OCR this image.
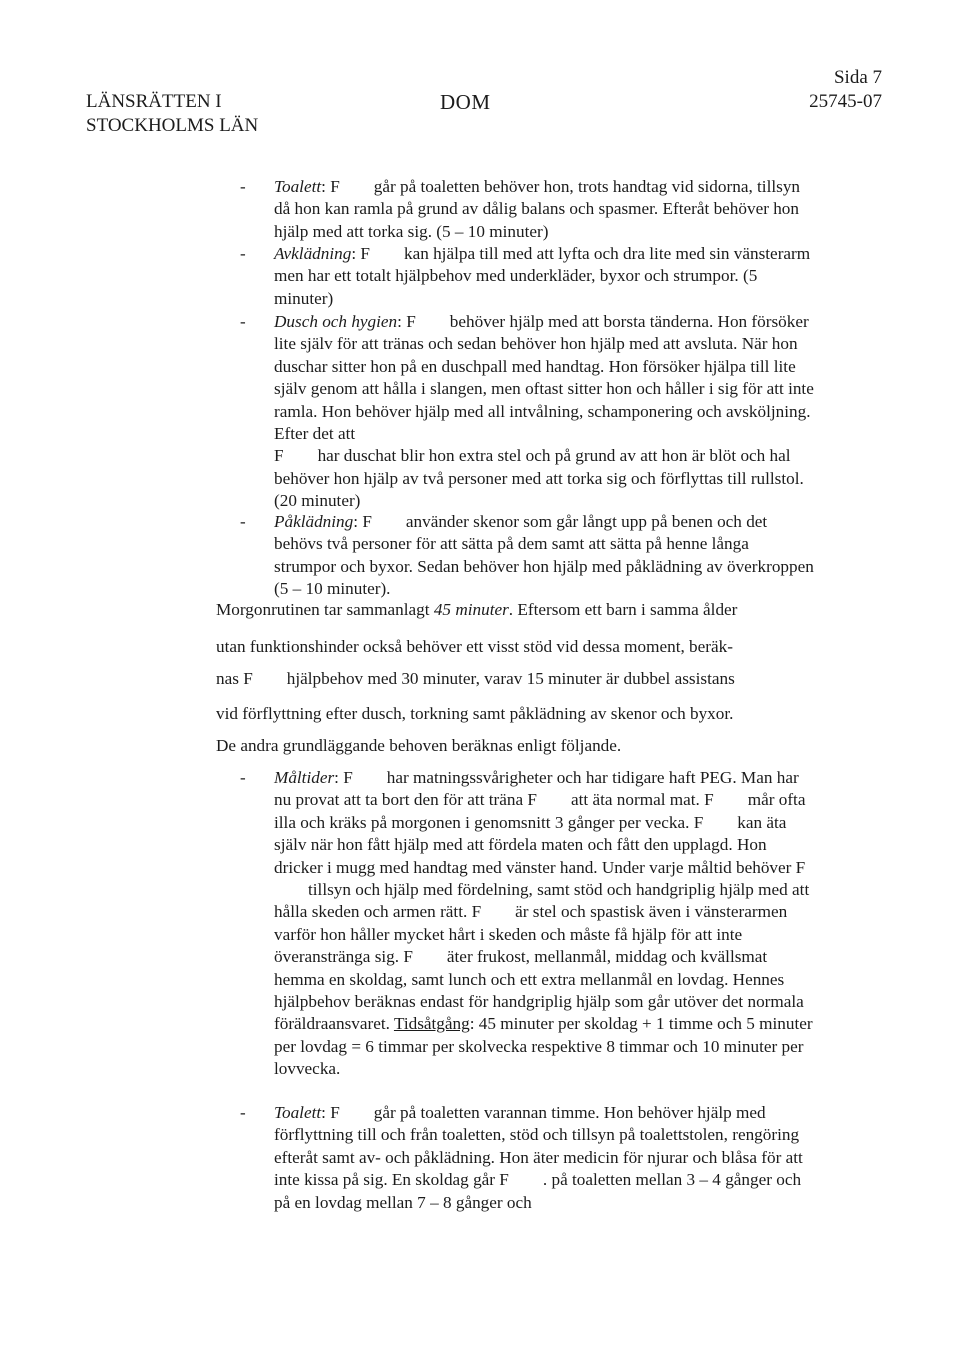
LÄNSRÄTTEN I
STOCKHOLMS LÄN
DOM
Sida 7
25745-07
- Toalett: F går på toaletten behöver hon, trots handtag vid sidorna, tillsyn då hon kan ramla på grund av dålig balans och spasmer. Efteråt behöver hon hjälp med att torka sig. (5 – 10 minuter)
- Avklädning: F kan hjälpa till med att lyfta och dra lite med sin vänsterarm men har ett totalt hjälpbehov med underkläder, byxor och strumpor. (5 minuter)
- Dusch och hygien: F behöver hjälp med att borsta tänderna. Hon försöker lite själv för att tränas och sedan behöver hon hjälp med att avsluta. När hon duschar sitter hon på en duschpall med handtag. Hon försöker hjälpa till lite själv genom att hålla i slangen, men oftast sitter hon och håller i sig för att inte ramla. Hon behöver hjälp med all intvålning, schamponering och avsköljning. Efter det att
F har duschat blir hon extra stel och på grund av att hon är blöt och hal behöver hon hjälp av två personer med att torka sig och förflyttas till rullstol. (20 minuter)
- Påklädning: F använder skenor som går långt upp på benen och det behövs två personer för att sätta på dem samt att sätta på henne långa strumpor och byxor. Sedan behöver hon hjälp med påklädning av överkroppen (5 – 10 minuter).
Morgonrutinen tar sammanlagt 45 minuter. Eftersom ett barn i samma ålder
utan funktionshinder också behöver ett visst stöd vid dessa moment, beräk-
nas F hjälpbehov med 30 minuter, varav 15 minuter är dubbel assistans
vid förflyttning efter dusch, torkning samt påklädning av skenor och byxor.
De andra grundläggande behoven beräknas enligt följande.
- Måltider: F har matningssvårigheter och har tidigare haft PEG. Man har nu provat att ta bort den för att träna F att äta normal mat. F mår ofta illa och kräks på morgonen i genomsnitt 3 gånger per vecka. F kan äta själv när hon fått hjälp med att fördela maten och fått den upplagd. Hon dricker i mugg med handtag med vänster hand. Under varje måltid behöver Ftillsyn och hjälp med fördelning, samt stöd och handgriplig hjälp med att hålla skeden och armen rätt. F är stel och spastisk även i vänsterarmen varför hon håller mycket hårt i skeden och måste få hjälp för att inte överanstränga sig. F äter frukost, mellanmål, middag och kvällsmat hemma en skoldag, samt lunch och ett extra mellanmål en lovdag. Hennes hjälpbehov beräknas endast för handgriplig hjälp som går utöver det normala föräldraansvaret. Tidsåtgång: 45 minuter per skoldag + 1 timme och 5 minuter per lovdag = 6 timmar per skolvecka respektive 8 timmar och 10 minuter per lovvecka.
- Toalett: F går på toaletten varannan timme. Hon behöver hjälp med förflyttning till och från toaletten, stöd och tillsyn på toalettstolen, rengöring efteråt samt av- och påklädning. Hon äter medicin för njurar och blåsa för att inte kissa på sig. En skoldag går F . på toaletten mellan 3 – 4 gånger och på en lovdag mellan 7 – 8 gånger och
